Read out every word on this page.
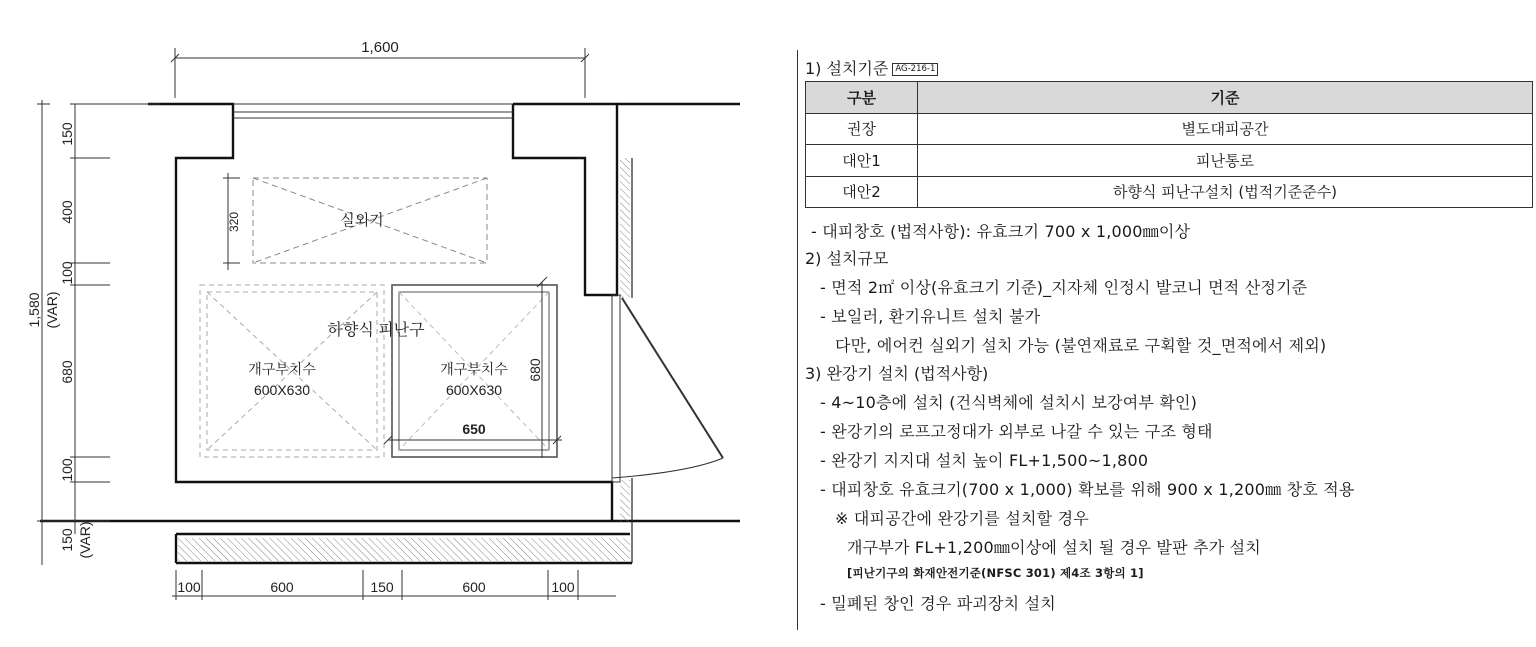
1,600
실외기
320
하향식 피난구
개구부치수
600X630
개구부치수
600X630
680
650
150
400
100
1,580 (VAR)
680
100
150 (VAR)
100	600	150	600	100
1) 설치기준 AG-216-1
구분	기준
권장	별도대피공간
대안1	피난통로
대안2	하향식 피난구설치 (법적기준준수)
- 대피창호 (법적사항): 유효크기 700 x 1,000㎜이상
2) 설치규모
- 면적 2㎡ 이상(유효크기 기준)_지자체 인정시 발코니 면적 산정기준
- 보일러, 환기유니트 설치 불가
다만, 에어컨 실외기 설치 가능 (불연재료로 구획할 것_면적에서 제외)
3) 완강기 설치 (법적사항)
- 4~10층에 설치 (건식벽체에 설치시 보강여부 확인)
- 완강기의 로프고정대가 외부로 나갈 수 있는 구조 형태
- 완강기 지지대 설치 높이 FL+1,500~1,800
- 대피창호 유효크기(700 x 1,000) 확보를 위해 900 x 1,200㎜ 창호 적용
※ 대피공간에 완강기를 설치할 경우
개구부가 FL+1,200㎜이상에 설치 될 경우 발판 추가 설치
[피난기구의 화재안전기준(NFSC 301) 제4조 3항의 1]
- 밀폐된 창인 경우 파괴장치 설치
